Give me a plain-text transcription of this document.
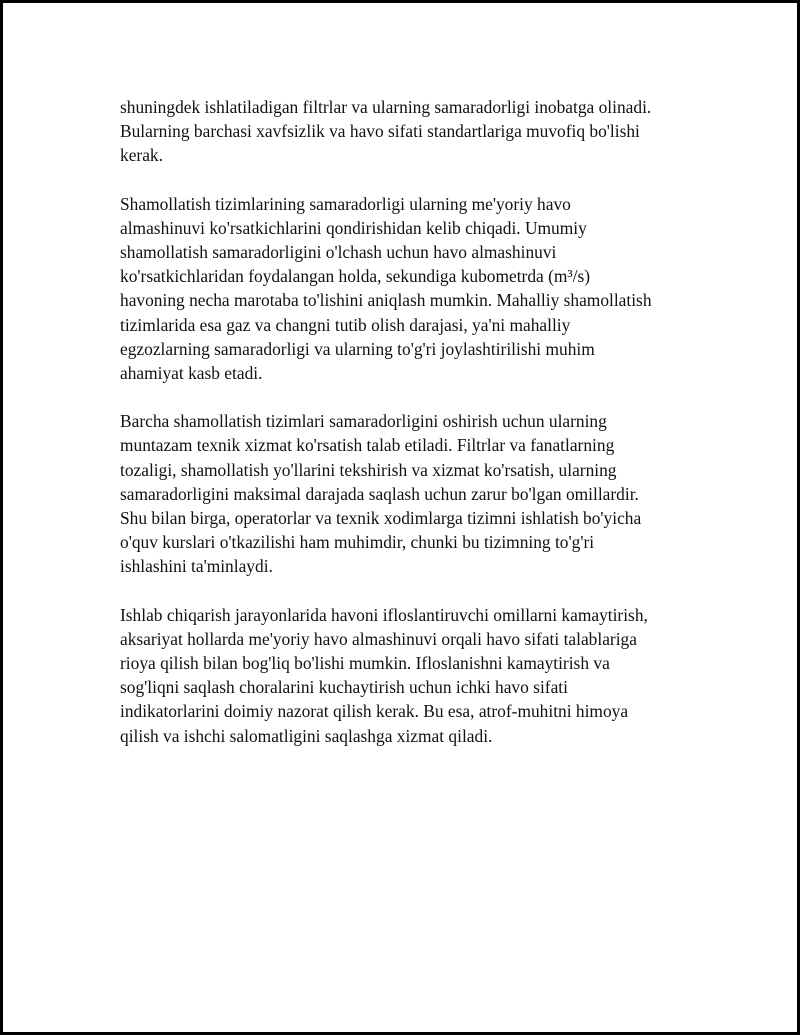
shuningdek ishlatiladigan filtrlar va ularning samaradorligi inobatga olinadi.
Bularning barchasi xavfsizlik va havo sifati standartlariga muvofiq bo'lishi
kerak.

Shamollatish tizimlarining samaradorligi ularning me'yoriy havo
almashinuvi ko'rsatkichlarini qondirishidan kelib chiqadi. Umumiy
shamollatish samaradorligini o'lchash uchun havo almashinuvi
ko'rsatkichlaridan foydalangan holda, sekundiga kubometrda (m³/s)
havoning necha marotaba to'lishini aniqlash mumkin. Mahalliy shamollatish
tizimlarida esa gaz va changni tutib olish darajasi, ya'ni mahalliy
egzozlarning samaradorligi va ularning to'g'ri joylashtirilishi muhim
ahamiyat kasb etadi.

Barcha shamollatish tizimlari samaradorligini oshirish uchun ularning
muntazam texnik xizmat ko'rsatish talab etiladi. Filtrlar va fanatlarning
tozaligi, shamollatish yo'llarini tekshirish va xizmat ko'rsatish, ularning
samaradorligini maksimal darajada saqlash uchun zarur bo'lgan omillardir.
Shu bilan birga, operatorlar va texnik xodimlarga tizimni ishlatish bo'yicha
o'quv kurslari o'tkazilishi ham muhimdir, chunki bu tizimning to'g'ri
ishlashini ta'minlaydi.

Ishlab chiqarish jarayonlarida havoni ifloslantiruvchi omillarni kamaytirish,
aksariyat hollarda me'yoriy havo almashinuvi orqali havo sifati talablariga
rioya qilish bilan bog'liq bo'lishi mumkin. Ifloslanishni kamaytirish va
sog'liqni saqlash choralarini kuchaytirish uchun ichki havo sifati
indikatorlarini doimiy nazorat qilish kerak. Bu esa, atrof-muhitni himoya
qilish va ishchi salomatligini saqlashga xizmat qiladi.
